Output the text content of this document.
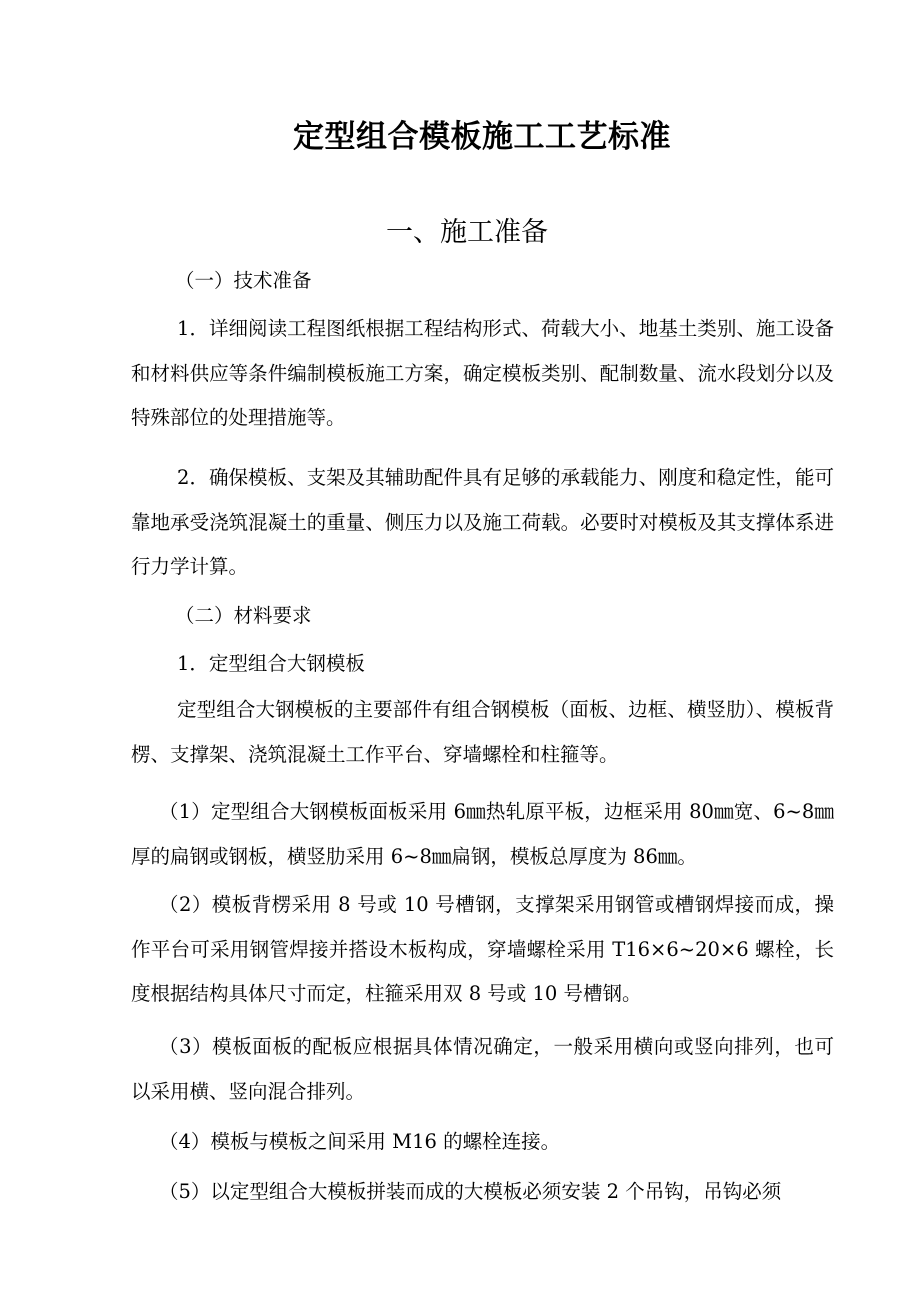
定型组合模板施工工艺标准
一、施工准备

（一）技术准备

1．详细阅读工程图纸根据工程结构形式、荷载大小、地基土类别、施工设备和材料供应等条件编制模板施工方案，确定模板类别、配制数量、流水段划分以及特殊部位的处理措施等。

2．确保模板、支架及其辅助配件具有足够的承载能力、刚度和稳定性，能可靠地承受浇筑混凝土的重量、侧压力以及施工荷载。必要时对模板及其支撑体系进行力学计算。

（二）材料要求

1．定型组合大钢模板

定型组合大钢模板的主要部件有组合钢模板（面板、边框、横竖肋）、模板背楞、支撑架、浇筑混凝土工作平台、穿墙螺栓和柱箍等。

（1）定型组合大钢模板面板采用 6㎜热轧原平板，边框采用 80㎜宽、6~8㎜厚的扁钢或钢板，横竖肋采用 6~8㎜扁钢，模板总厚度为 86㎜。

（2）模板背楞采用 8 号或 10 号槽钢，支撑架采用钢管或槽钢焊接而成，操作平台可采用钢管焊接并搭设木板构成，穿墙螺栓采用 T16×6~20×6 螺栓，长度根据结构具体尺寸而定，柱箍采用双 8 号或 10 号槽钢。

（3）模板面板的配板应根据具体情况确定，一般采用横向或竖向排列，也可以采用横、竖向混合排列。

（4）模板与模板之间采用 M16 的螺栓连接。

（5）以定型组合大模板拼装而成的大模板必须安装 2 个吊钩，吊钩必须
